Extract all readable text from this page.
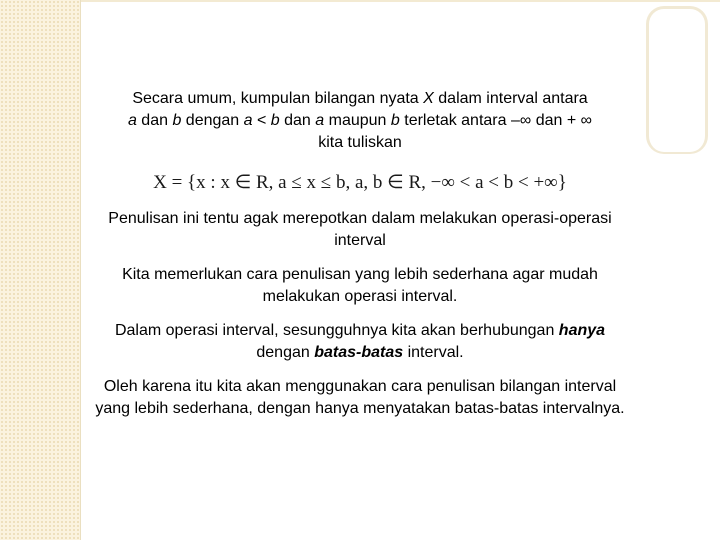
Secara umum, kumpulan bilangan nyata X dalam interval antara
a dan b dengan a < b dan a maupun b terletak antara –∞ dan + ∞
kita tuliskan

X = {x : x ∈ R, a ≤ x ≤ b, a, b ∈ R, −∞ < a < b < +∞}

Penulisan ini tentu agak merepotkan dalam melakukan operasi-operasi interval

Kita memerlukan cara penulisan yang lebih sederhana agar mudah melakukan operasi interval.

Dalam operasi interval, sesungguhnya kita akan berhubungan hanya dengan batas-batas interval.

Oleh karena itu kita akan menggunakan cara penulisan bilangan interval yang lebih sederhana, dengan hanya menyatakan batas-batas intervalnya.
